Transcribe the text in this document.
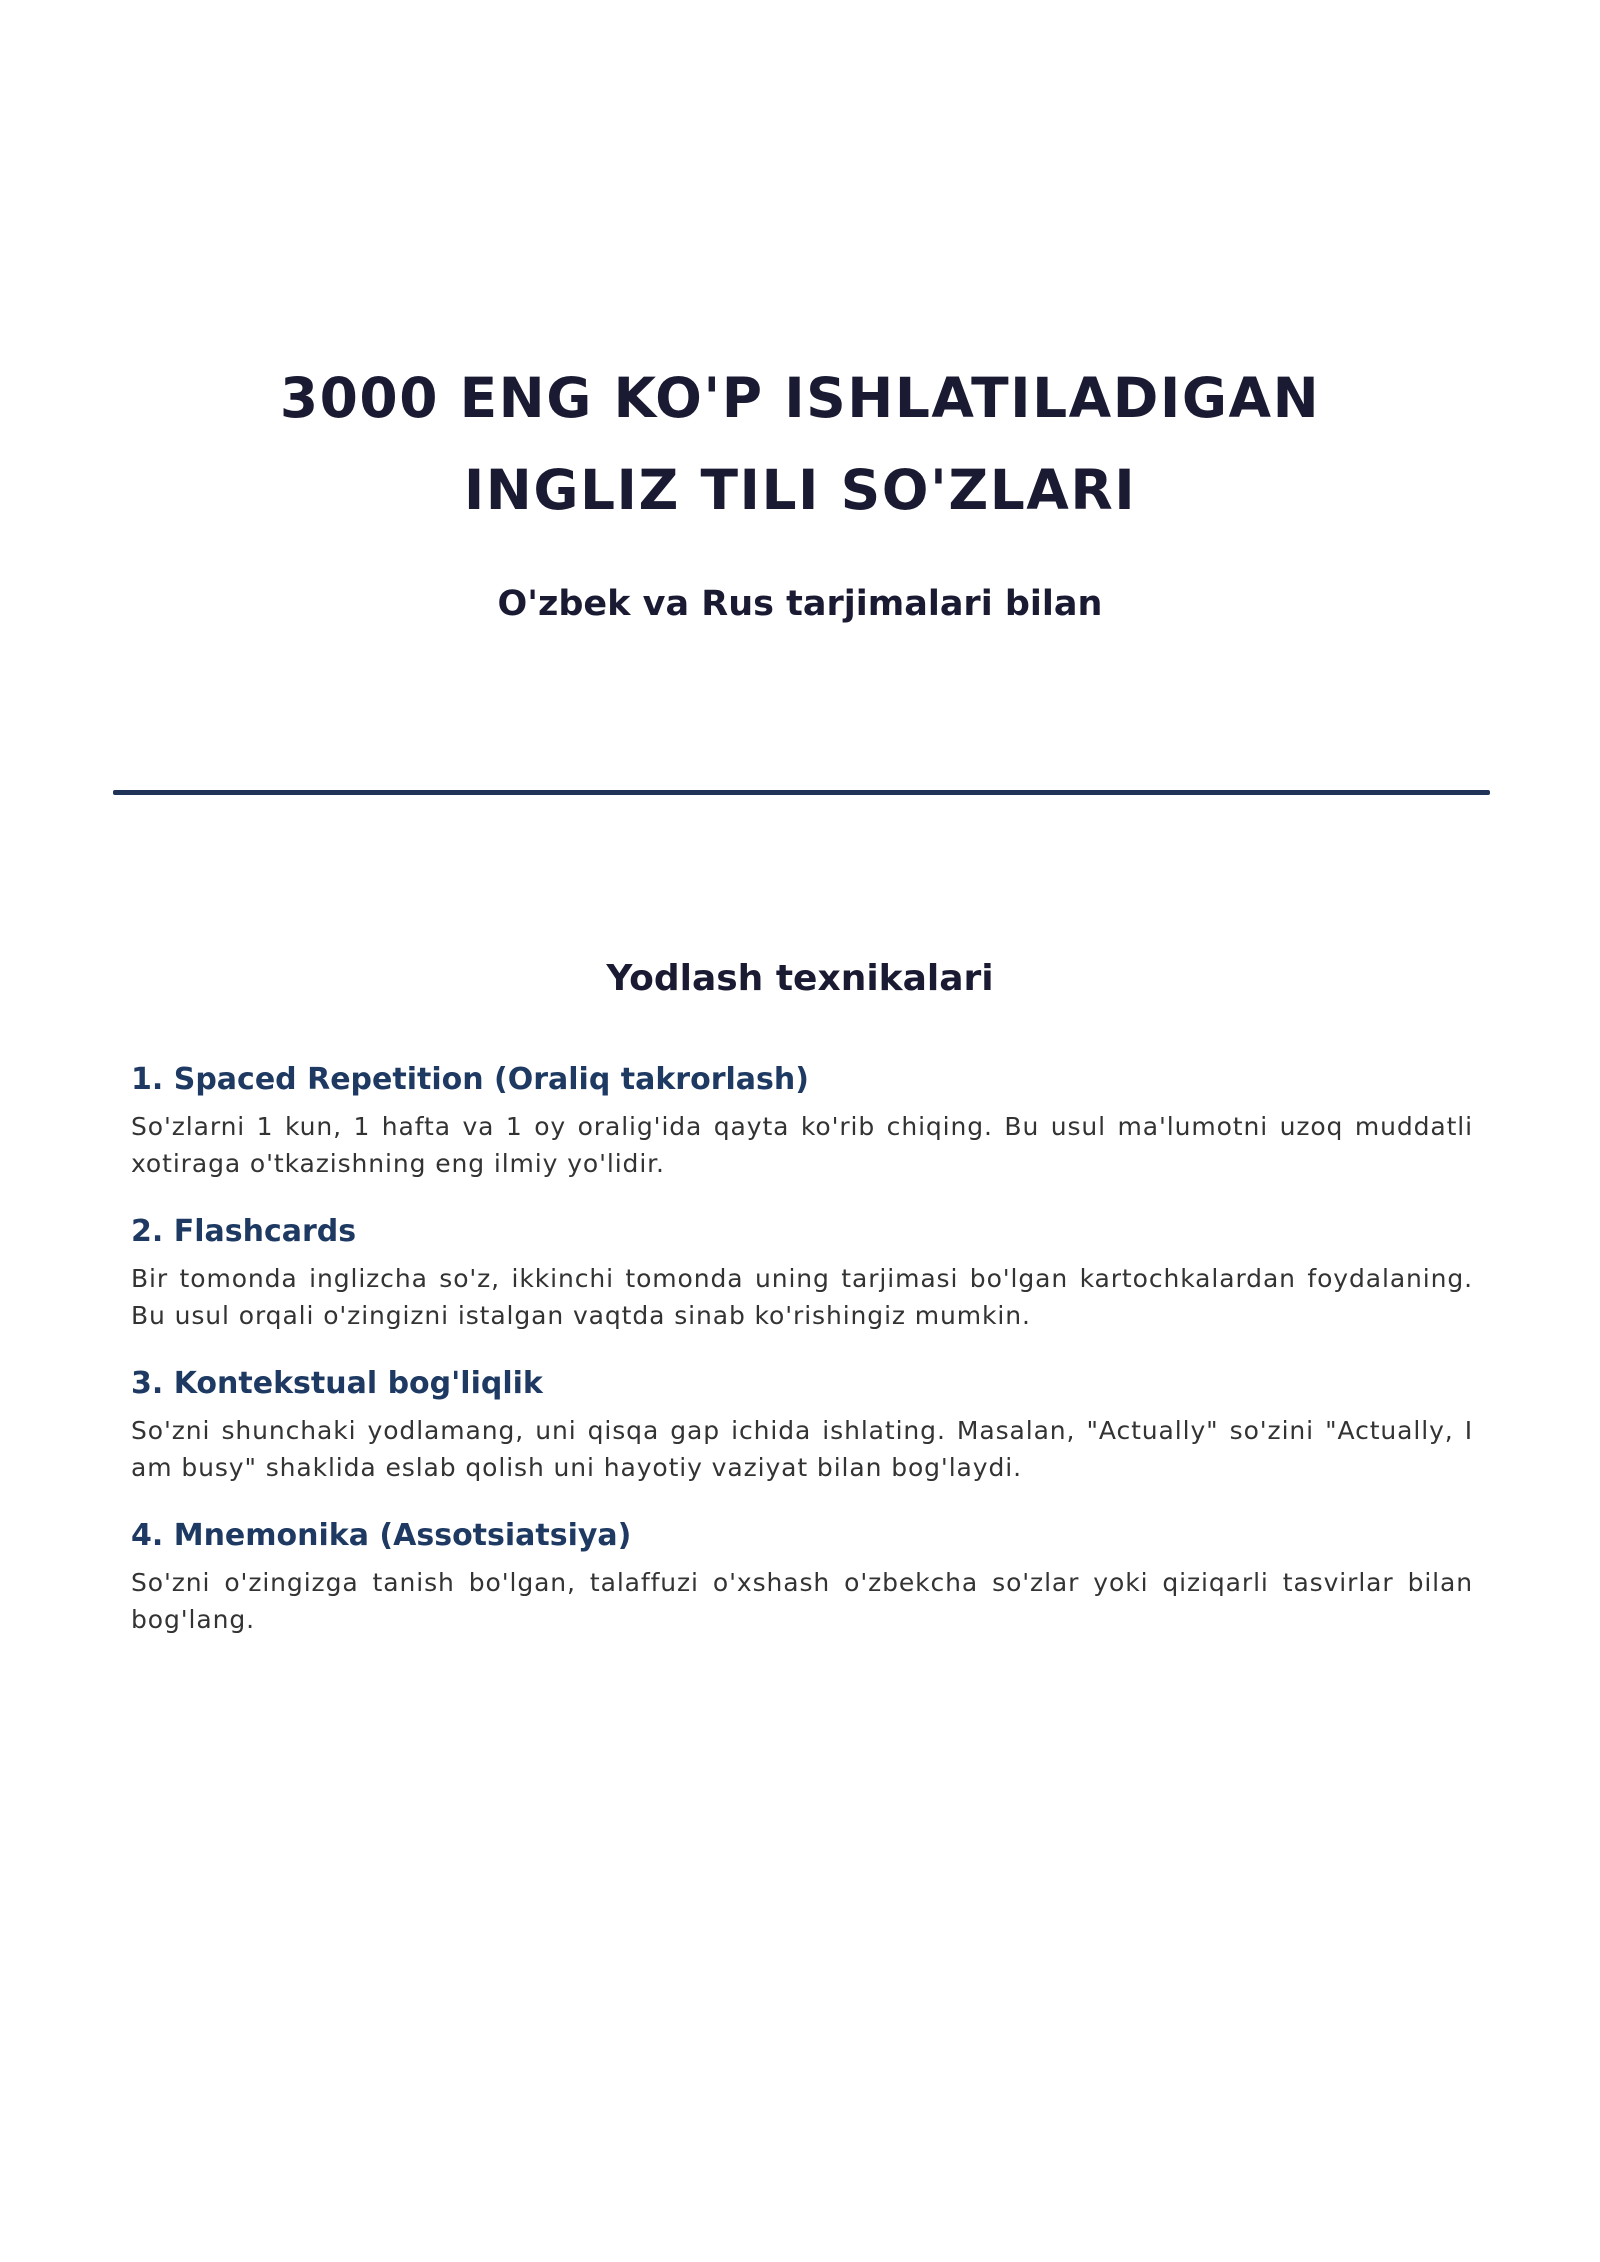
3000 ENG KO'P ISHLATILADIGAN
INGLIZ TILI SO'ZLARI

O'zbek va Rus tarjimalari bilan

Yodlash texnikalari
1. Spaced Repetition (Oraliq takrorlash)

So'zlarni 1 kun, 1 hafta va 1 oy oralig'ida qayta ko'rib chiqing. Bu usul ma'lumotni uzoq muddatli xotiraga o'tkazishning eng ilmiy yo'lidir.

2. Flashcards

Bir tomonda inglizcha so'z, ikkinchi tomonda uning tarjimasi bo'lgan kartochkalardan foydalaning. Bu usul orqali o'zingizni istalgan vaqtda sinab ko'rishingiz mumkin.

3. Kontekstual bog'liqlik

So'zni shunchaki yodlamang, uni qisqa gap ichida ishlating. Masalan, "Actually" so'zini "Actually, I am busy" shaklida eslab qolish uni hayotiy vaziyat bilan bog'laydi.

4. Mnemonika (Assotsiatsiya)

So'zni o'zingizga tanish bo'lgan, talaffuzi o'xshash o'zbekcha so'zlar yoki qiziqarli tasvirlar bilan bog'lang.
